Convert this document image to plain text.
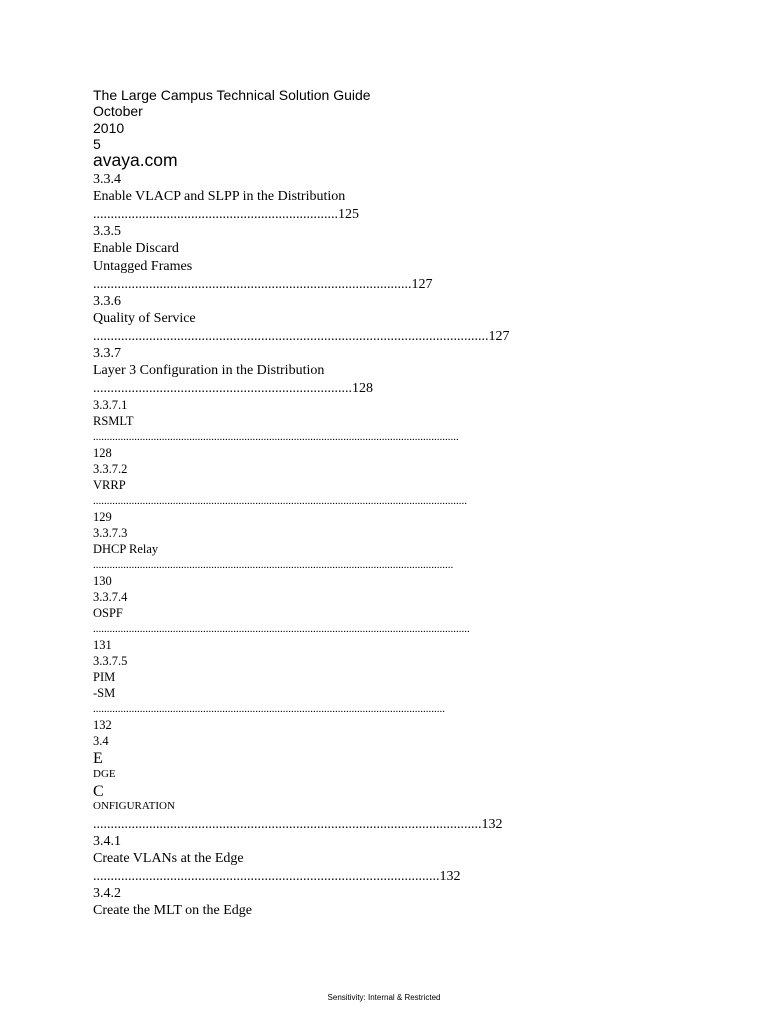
The Large Campus Technical Solution Guide
October
2010
5
avaya.com
3.3.4
Enable VLACP and SLPP in the Distribution
......................................................................125
3.3.5
Enable Discard
Untagged Frames
...........................................................................................127
3.3.6
Quality of Service
.................................................................................................................127
3.3.7
Layer 3 Configuration in the Distribution
..........................................................................128
3.3.7.1
RSMLT
.....................................................................................................................................
128
3.3.7.2
VRRP
........................................................................................................................................
129
3.3.7.3
DHCP Relay
...................................................................................................................................
130
3.3.7.4
OSPF
.........................................................................................................................................
131
3.3.7.5
PIM
-SM
................................................................................................................................
132
3.4
E
DGE
C
ONFIGURATION
...............................................................................................................132
3.4.1
Create VLANs at the Edge
...................................................................................................132
3.4.2
Create the MLT on the Edge
Sensitivity: Internal & Restricted
